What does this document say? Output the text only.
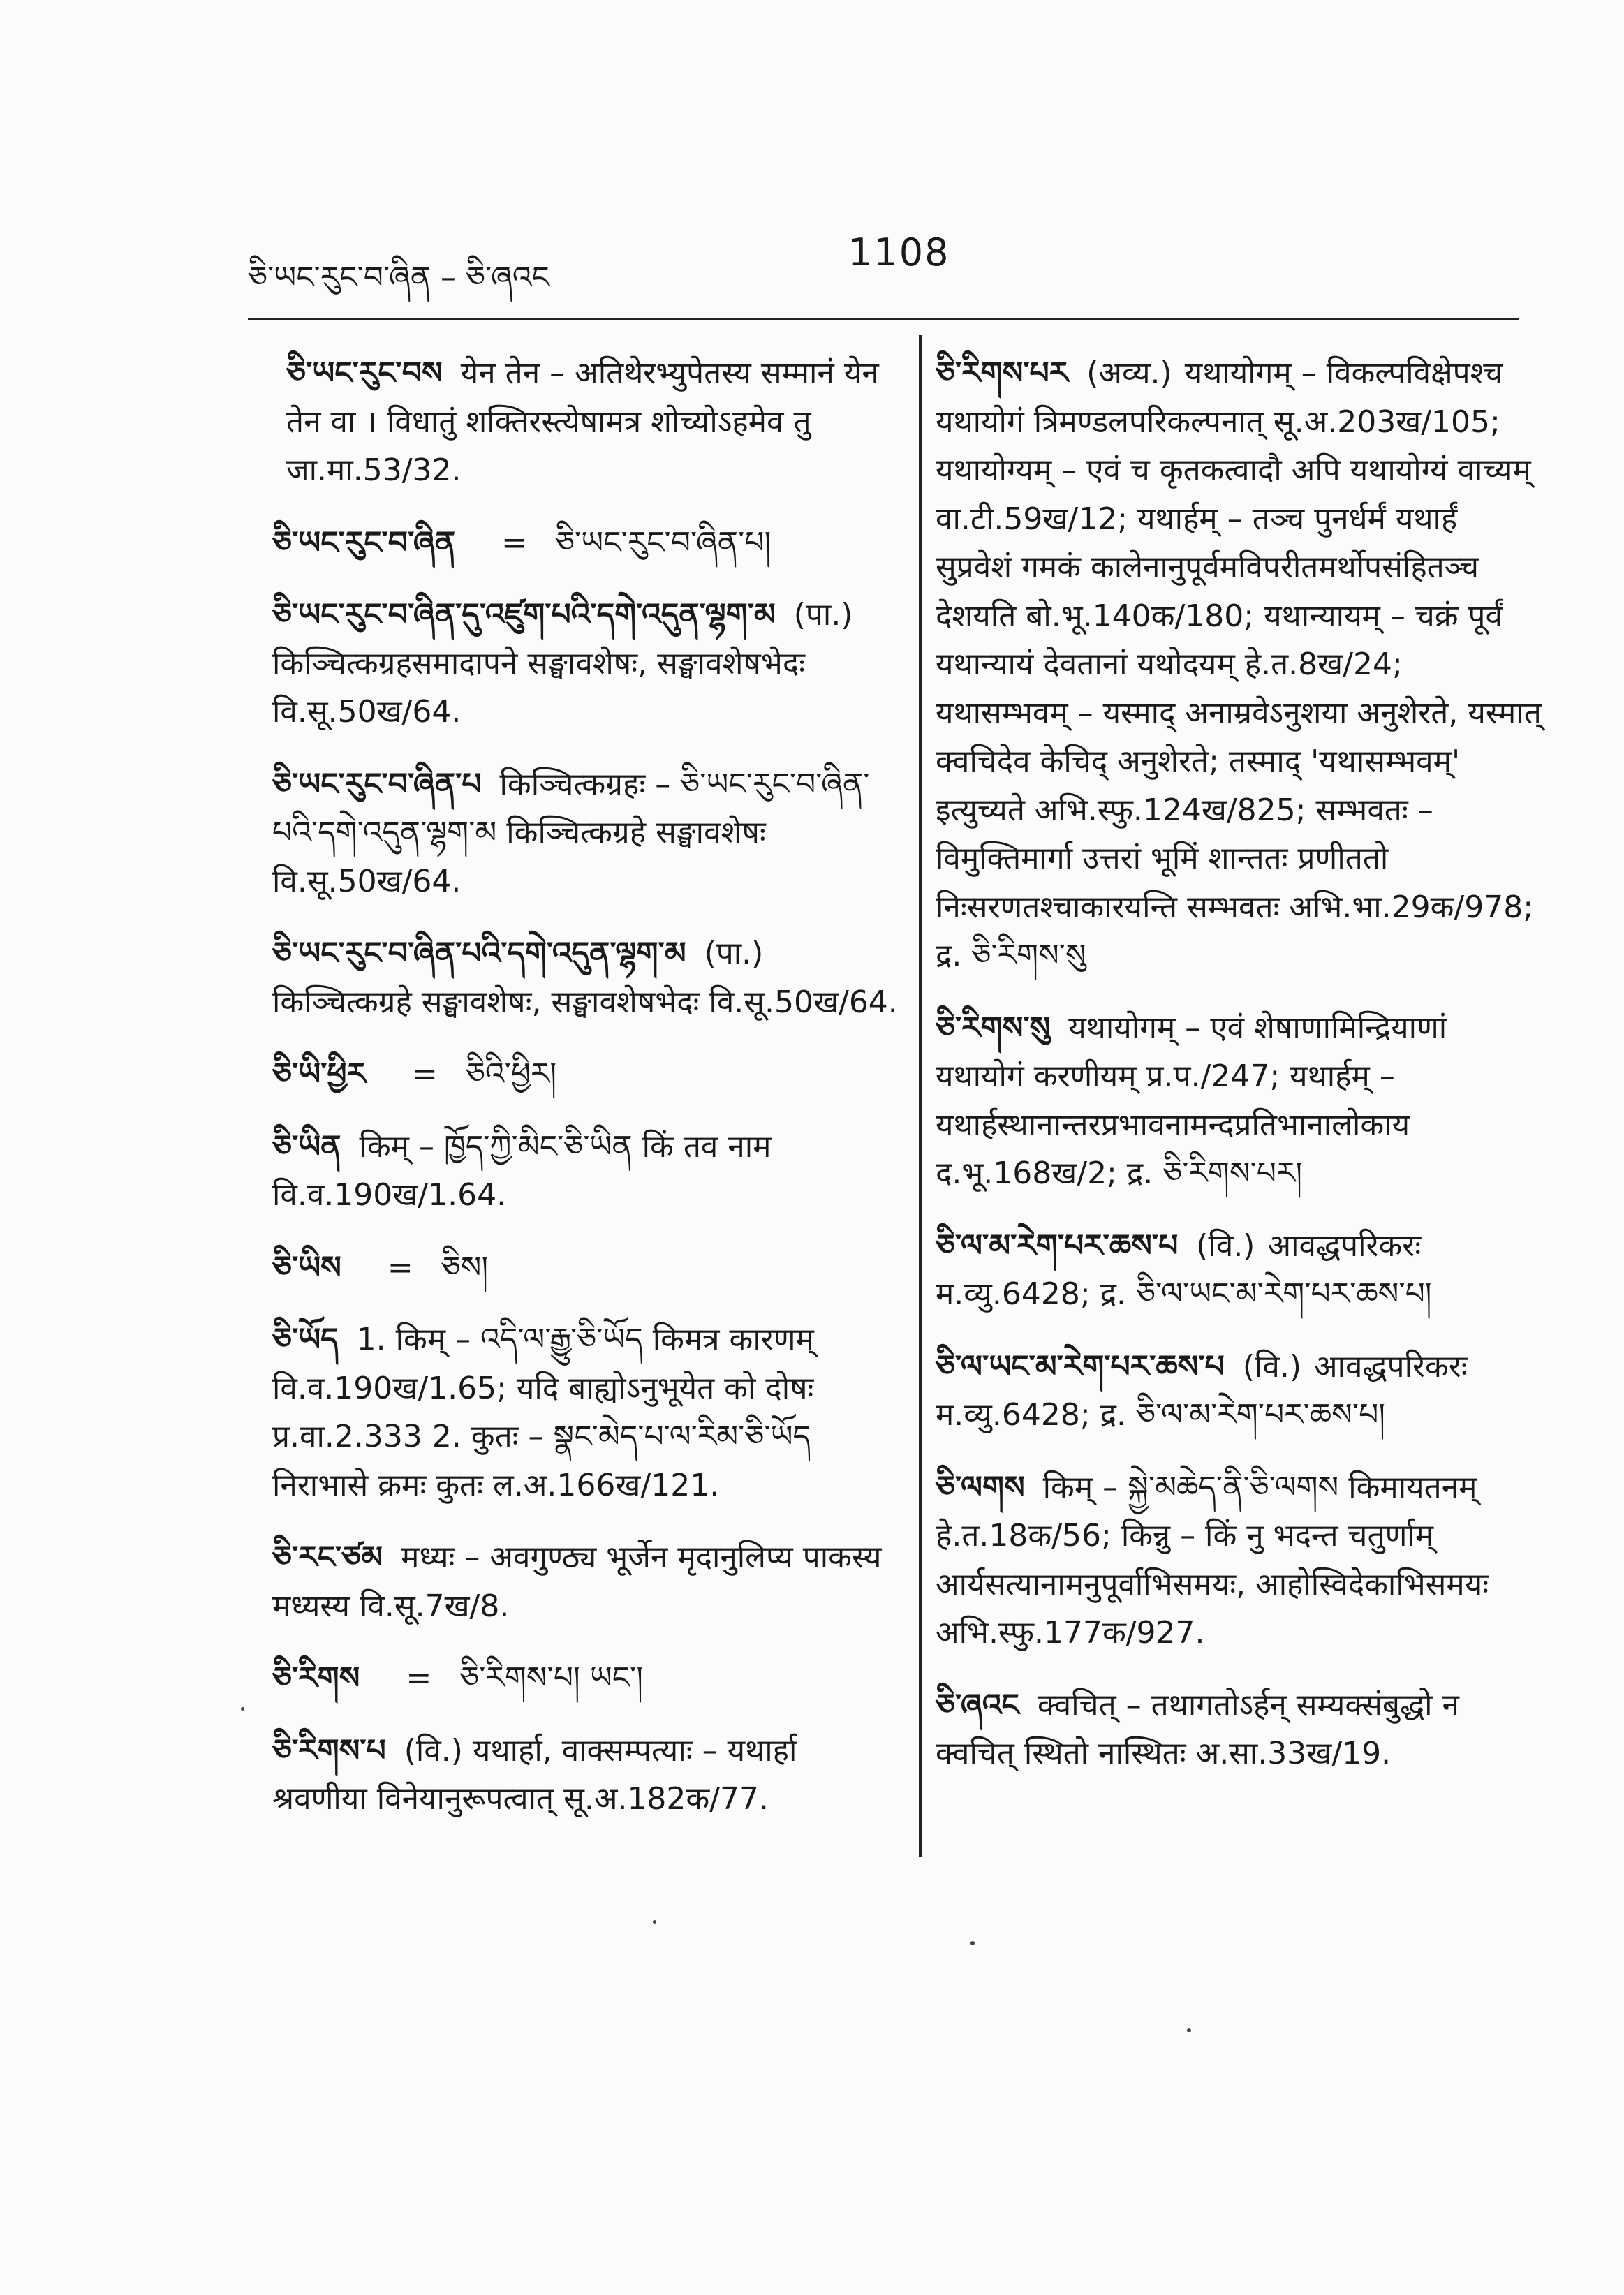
ཅི་ཡང་རུང་བ་ཞིན – ཅི་ཞའང
1108
ཅི་ཡང་རུང་བས येन तेन – अतिथेरभ्युपेतस्य सम्मानं येन तेन वा । विधातुं शक्तिरस्त्येषामत्र शोच्योऽहमेव तु जा.मा.53/32.
ཅི་ཡང་རུང་བ་ཞིན = ཅི་ཡང་རུང་བ་ཞིན་པ།
ཅི་ཡང་རུང་བ་ཞིན་དུ་འཛུག་པའི་དགེ་འདུན་ལྷག་མ (पा.) किञ्चित्कग्रहसमादापने सङ्घावशेषः, सङ्घावशेषभेदः वि.सू.50ख/64.
ཅི་ཡང་རུང་བ་ཞིན་པ किञ्चित्कग्रहः – ཅི་ཡང་རུང་བ་ཞིན་པའི་དགེ་འདུན་ལྷག་མ किञ्चित्कग्रहे सङ्घावशेषः वि.सू.50ख/64.
ཅི་ཡང་རུང་བ་ཞིན་པའི་དགེ་འདུན་ལྷག་མ (पा.) किञ्चित्कग्रहे सङ्घावशेषः, सङ्घावशेषभेदः वि.सू.50ख/64.
ཅི་ཡི་ཕྱིར = ཅིའི་ཕྱིར།
ཅི་ཡིན किम् – ཁྱོད་ཀྱི་མིང་ཅི་ཡིན किं तव नाम वि.व.190ख/1.64.
ཅི་ཡིས = ཅིས།
ཅི་ཡོད 1. किम् – འདི་ལ་རྒྱུ་ཅི་ཡོད किमत्र कारणम् वि.व.190ख/1.65; यदि बाह्योऽनुभूयेत को दोषः प्र.वा.2.333 2. कुतः – སྣང་མེད་པ་ལ་རིམ་ཅི་ཡོད निराभासे क्रमः कुतः ल.अ.166ख/121.
ཅི་རང་ཙམ मध्यः – अवगुण्ठ्य भूर्जेन मृदानुलिप्य पाकस्य मध्यस्य वि.सू.7ख/8.
ཅི་རིགས = ཅི་རིགས་པ། ཡང་།
ཅི་རིགས་པ (वि.) यथार्हा, वाक्सम्पत्याः – यथार्हा श्रवणीया विनेयानुरूपत्वात् सू.अ.182क/77.
ཅི་རིགས་པར (अव्य.) यथायोगम् – विकल्पविक्षेपश्च यथायोगं त्रिमण्डलपरिकल्पनात् सू.अ.203ख/105; यथायोग्यम् – एवं च कृतकत्वादौ अपि यथायोग्यं वाच्यम् वा.टी.59ख/12; यथार्हम् – तञ्च पुनर्धर्मं यथार्हं सुप्रवेशं गमकं कालेनानुपूर्वमविपरीतमर्थोपसंहितञ्च देशयति बो.भू.140क/180; यथान्यायम् – चक्रं पूर्वं यथान्यायं देवतानां यथोदयम् हे.त.8ख/24; यथासम्भवम् – यस्माद् अनाम्रवेऽनुशया अनुशेरते, यस्मात् क्वचिदेव केचिद् अनुशेरते; तस्माद् 'यथासम्भवम्' इत्युच्यते अभि.स्फु.124ख/825; सम्भवतः – विमुक्तिमार्गा उत्तरां भूमिं शान्ततः प्रणीततो निःसरणतश्चाकारयन्ति सम्भवतः अभि.भा.29क/978; द्र. ཅི་རིགས་སུ
ཅི་རིགས་སུ यथायोगम् – एवं शेषाणामिन्द्रियाणां यथायोगं करणीयम् प्र.प./247; यथार्हम् – यथार्हस्थानान्तरप्रभावनामन्दप्रतिभानालोकाय द.भू.168ख/2; द्र. ཅི་རིགས་པར།
ཅི་ལ་མ་རེག་པར་ཆས་པ (वि.) आवद्धपरिकरः म.व्यु.6428; द्र. ཅི་ལ་ཡང་མ་རེག་པར་ཆས་པ།
ཅི་ལ་ཡང་མ་རེག་པར་ཆས་པ (वि.) आवद्धपरिकरः म.व्यु.6428; द्र. ཅི་ལ་མ་རེག་པར་ཆས་པ།
ཅི་ལགས किम् – སྐྱེ་མཆེད་ནི་ཅི་ལགས किमायतनम् हे.त.18क/56; किन्नु – किं नु भदन्त चतुर्णाम् आर्यसत्यानामनुपूर्वाभिसमयः, आहोस्विदेकाभिसमयः अभि.स्फु.177क/927.
ཅི་ཞའང क्वचित् – तथागतोऽर्हन् सम्यक्संबुद्धो न क्वचित् स्थितो नास्थितः अ.सा.33ख/19.
